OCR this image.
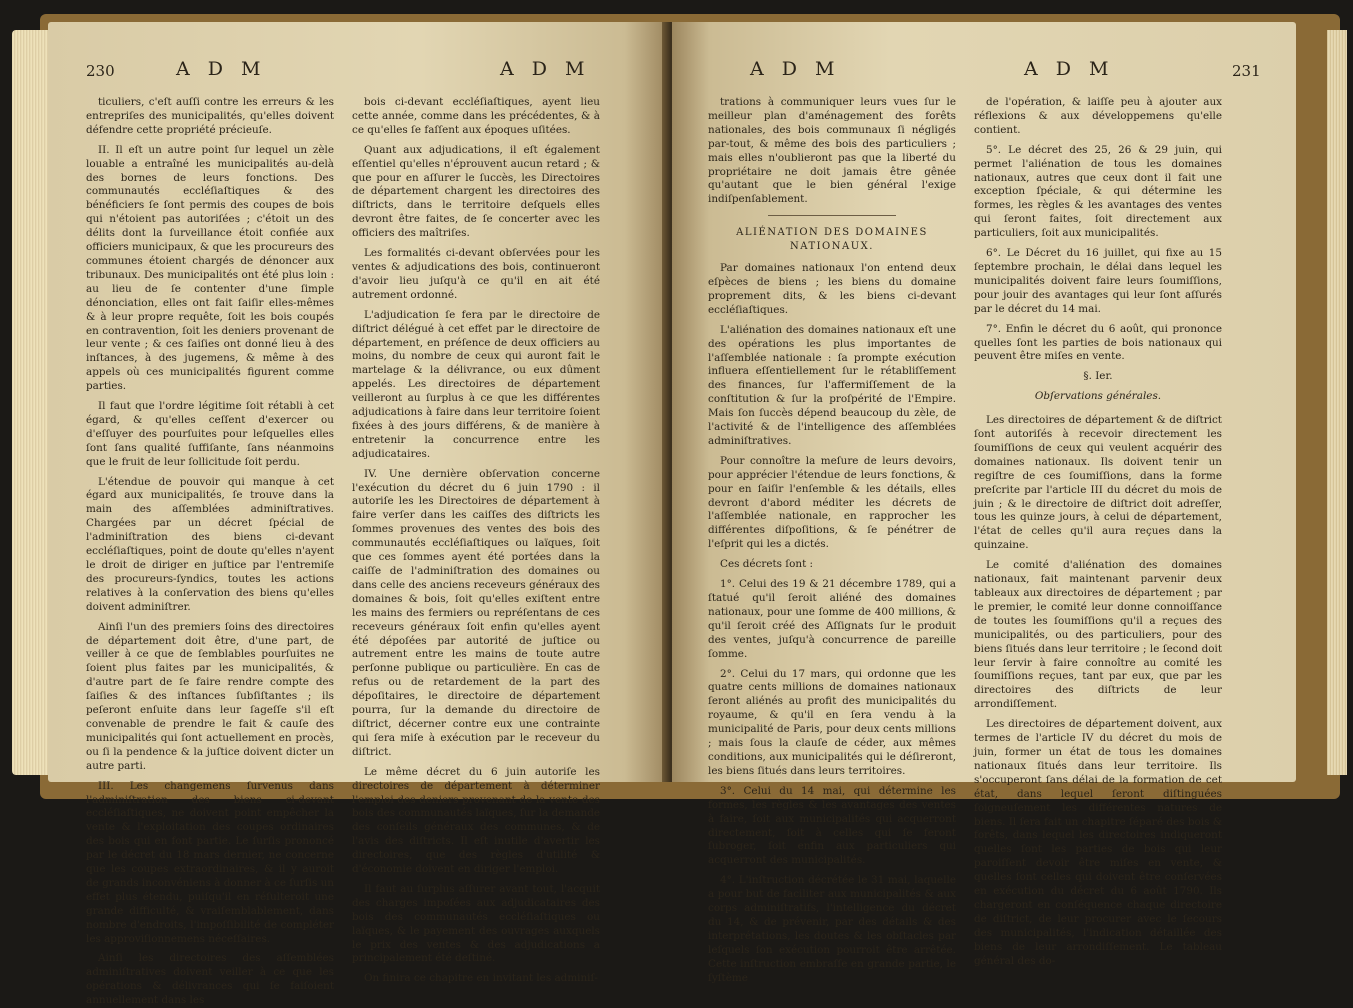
230	A D M	A D M

ticuliers, c'eſt auſſi contre les erreurs & les entrepriſes des municipalités, qu'elles doivent défendre cette propriété précieuſe.

II. Il eſt un autre point ſur lequel un zèle louable a entraîné les municipalités au-delà des bornes de leurs fonctions. Des communautés eccléſiaſtiques & des bénéficiers ſe ſont permis des coupes de bois qui n'étoient pas autoriſées ; c'étoit un des délits dont la ſurveillance étoit confiée aux officiers municipaux, & que les procureurs des communes étoient chargés de dénoncer aux tribunaux. Des municipalités ont été plus loin : au lieu de ſe contenter d'une ſimple dénonciation, elles ont fait ſaiſir elles-mêmes & à leur propre requête, ſoit les bois coupés en contravention, ſoit les deniers provenant de leur vente ; & ces ſaiſies ont donné lieu à des inſtances, à des jugemens, & même à des appels où ces municipalités figurent comme parties.

Il faut que l'ordre légitime ſoit rétabli à cet égard, & qu'elles ceſſent d'exercer ou d'eſſuyer des pourſuites pour leſquelles elles ſont ſans qualité ſuffiſante, ſans néanmoins que le fruit de leur ſollicitude ſoit perdu.

L'étendue de pouvoir qui manque à cet égard aux municipalités, ſe trouve dans la main des aſſemblées adminiſtratives. Chargées par un décret ſpécial de l'adminiſtration des biens ci-devant eccléſiaſtiques, point de doute qu'elles n'ayent le droit de diriger en juſtice par l'entremiſe des procureurs-ſyndics, toutes les actions relatives à la conſervation des biens qu'elles doivent adminiſtrer.

Ainſi l'un des premiers ſoins des directoires de département doit être, d'une part, de veiller à ce que de ſemblables pourſuites ne ſoient plus faites par les municipalités, & d'autre part de ſe faire rendre compte des ſaiſies & des inſtances ſubſiſtantes ; ils peſeront enſuite dans leur ſageſſe s'il eſt convenable de prendre le fait & cauſe des municipalités qui ſont actuellement en procès, ou ſi la pendence & la juſtice doivent dicter un autre parti.

III. Les changemens ſurvenus dans l'adminiſtration des biens ci-devant eccléſiaſtiques, ne doivent point empêcher la vente & l'exploitation des coupes ordinaires des bois qui en font partie. Le ſurſis prononcé par le décret du 18 mars dernier, ne concerne que les coupes extraordinaires, & il y auroit de grands inconvéniens à donner à ce ſurſis un effet plus étendu, puiſqu'il en réſulteroit une grande difficulté, & vraiſemblablement, dans nombre d'endroits, l'impoſſibilité de compléter les approviſionnemens néceſſaires.

Ainſi les directoires des aſſemblées adminiſtratives doivent veiller à ce que les opérations & délivrances qui ſe faiſoient annuellement dans les

bois ci-devant eccléſiaſtiques, ayent lieu cette année, comme dans les précédentes, & à ce qu'elles ſe faſſent aux époques uſitées.

Quant aux adjudications, il eſt également eſſentiel qu'elles n'éprouvent aucun retard ; & que pour en aſſurer le ſuccès, les Directoires de département chargent les directoires des diſtricts, dans le territoire deſquels elles devront être faites, de ſe concerter avec les officiers des maîtriſes.

Les formalités ci-devant obſervées pour les ventes & adjudications des bois, continueront d'avoir lieu juſqu'à ce qu'il en ait été autrement ordonné.

L'adjudication ſe fera par le directoire de diſtrict délégué à cet effet par le directoire de département, en préſence de deux officiers au moins, du nombre de ceux qui auront fait le martelage & la délivrance, ou eux dûment appelés. Les directoires de département veilleront au ſurplus à ce que les différentes adjudications à faire dans leur territoire ſoient fixées à des jours différens, & de manière à entretenir la concurrence entre les adjudicataires.

IV. Une dernière obſervation concerne l'exécution du décret du 6 juin 1790 : il autoriſe les les Directoires de département à faire verſer dans les caiſſes des diſtricts les ſommes provenues des ventes des bois des communautés eccléſiaſtiques ou laïques, ſoit que ces ſommes ayent été portées dans la caiſſe de l'adminiſtration des domaines ou dans celle des anciens receveurs généraux des domaines & bois, ſoit qu'elles exiſtent entre les mains des fermiers ou repréſentans de ces receveurs généraux ſoit enfin qu'elles ayent été dépoſées par autorité de juſtice ou autrement entre les mains de toute autre perſonne publique ou particulière. En cas de refus ou de retardement de la part des dépoſitaires, le directoire de département pourra, ſur la demande du directoire de diſtrict, décerner contre eux une contrainte qui ſera miſe à exécution par le receveur du diſtrict.

Le même décret du 6 juin autoriſe les directoires de département à déterminer l'emploi des deniers provenant de la vente des bois des communautés laïques, ſur la demande des conſeils généraux des communes, & de l'avis des diſtricts. Il eſt inutile d'avertir les directoires, que des règles d'utilité & d'économie doivent en diriger l'emploi.

Il faut au ſurplus aſſurer avant tout, l'acquit des charges impoſées aux adjudicataires des bois des communautés eccléſiaſtiques ou laïques, & le payement des ouvrages auxquels le prix des ventes & des adjudications a principalement été deſtiné.

On finira ce chapitre en invitant les adminiſ-

A D M	A D M	231

trations à communiquer leurs vues ſur le meilleur plan d'aménagement des forêts nationales, des bois communaux ſi négligés par-tout, & même des bois des particuliers ; mais elles n'oublieront pas que la liberté du propriétaire ne doit jamais être gênée qu'autant que le bien général l'exige indiſpenſablement.

ALIÉNATION DES DOMAINES NATIONAUX.

Par domaines nationaux l'on entend deux eſpèces de biens ; les biens du domaine proprement dits, & les biens ci-devant eccléſiaſtiques.

L'aliénation des domaines nationaux eſt une des opérations les plus importantes de l'aſſemblée nationale : ſa prompte exécution influera eſſentiellement ſur le rétabliſſement des finances, ſur l'affermiſſement de la conſtitution & ſur la proſpérité de l'Empire. Mais ſon ſuccès dépend beaucoup du zèle, de l'activité & de l'intelligence des aſſemblées adminiſtratives.

Pour connoître la meſure de leurs devoirs, pour apprécier l'étendue de leurs fonctions, & pour en ſaiſir l'enſemble & les détails, elles devront d'abord méditer les décrets de l'aſſemblée nationale, en rapprocher les différentes diſpoſitions, & ſe pénétrer de l'eſprit qui les a dictés.

Ces décrets ſont :

1°. Celui des 19 & 21 décembre 1789, qui a ſtatué qu'il ſeroit aliéné des domaines nationaux, pour une ſomme de 400 millions, & qu'il ſeroit créé des Aſſignats ſur le produit des ventes, juſqu'à concurrence de pareille ſomme.

2°. Celui du 17 mars, qui ordonne que les quatre cents millions de domaines nationaux ſeront aliénés au profit des municipalités du royaume, & qu'il en ſera vendu à la municipalité de Paris, pour deux cents millions ; mais ſous la clauſe de céder, aux mêmes conditions, aux municipalités qui le déſireront, les biens ſitués dans leurs territoires.

3°. Celui du 14 mai, qui détermine les formes, les règles & les avantages des ventes à faire, ſoit aux municipalités qui acquerront directement, ſoit à celles qui ſe feront ſubroger, ſoit enfin aux particuliers qui acquerront des municipalités.

4°. L'inſtruction décrétée le 31 mai, laquelle a pour but de faciliter aux municipalités & aux corps adminiſtratifs, l'intelligence du décret du 14, & de prévenir, par des détails & des interprétations, les doutes & les obſtacles par leſquels ſon exécution pourroit être arrêtée. Cette inſtruction embraſſe en grande partie, le ſyſtème

de l'opération, & laiſſe peu à ajouter aux réflexions & aux développemens qu'elle contient.

5°. Le décret des 25, 26 & 29 juin, qui permet l'aliénation de tous les domaines nationaux, autres que ceux dont il fait une exception ſpéciale, & qui détermine les formes, les règles & les avantages des ventes qui ſeront faites, ſoit directement aux particuliers, ſoit aux municipalités.

6°. Le Décret du 16 juillet, qui fixe au 15 ſeptembre prochain, le délai dans lequel les municipalités doivent faire leurs ſoumiſſions, pour jouir des avantages qui leur ſont aſſurés par le décret du 14 mai.

7°. Enfin le décret du 6 août, qui prononce quelles ſont les parties de bois nationaux qui peuvent être miſes en vente.

§. Ier.

Obſervations générales.

Les directoires de département & de diſtrict ſont autoriſés à recevoir directement les ſoumiſſions de ceux qui veulent acquérir des domaines nationaux. Ils doivent tenir un regiſtre de ces ſoumiſſions, dans la forme preſcrite par l'article III du décret du mois de juin ; & le directoire de diſtrict doit adreſſer, tous les quinze jours, à celui de département, l'état de celles qu'il aura reçues dans la quinzaine.

Le comité d'aliénation des domaines nationaux, fait maintenant parvenir deux tableaux aux directoires de département ; par le premier, le comité leur donne connoiſſance de toutes les ſoumiſſions qu'il a reçues des municipalités, ou des particuliers, pour des biens ſitués dans leur territoire ; le ſecond doit leur ſervir à faire connoître au comité les ſoumiſſions reçues, tant par eux, que par les directoires des diſtricts de leur arrondiſſement.

Les directoires de département doivent, aux termes de l'article IV du décret du mois de juin, former un état de tous les domaines nationaux ſitués dans leur territoire. Ils s'occuperont ſans délai de la formation de cet état, dans lequel ſeront diſtinguées ſoigneuſement les différentes natures de biens. Il ſera fait un chapitre ſéparé des bois & forêts, dans lequel les directoires indiqueront quelles ſont les parties de bois qui leur paroiſſent devoir être miſes en vente, & quelles ſont celles qui doivent être conſervées en exécution du décret du 6 août 1790. Ils chargeront en conſéquence chaque directoire de diſtrict, de leur procurer avec le ſecours des municipalités, l'indication détaillée des biens de leur arrondiſſement. Le tableau général des do-
